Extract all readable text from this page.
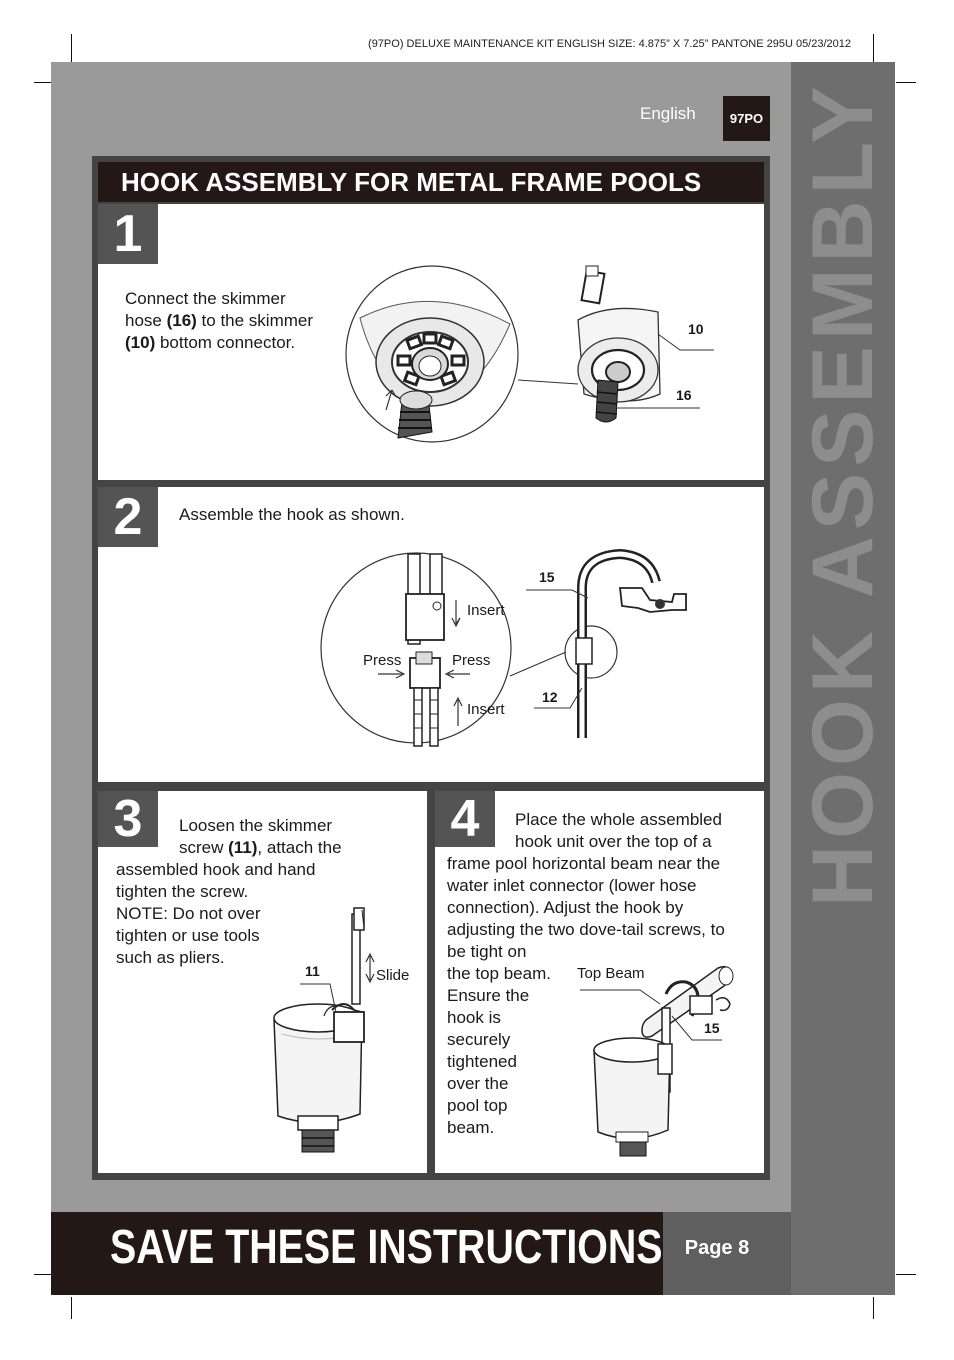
(97PO) DELUXE MAINTENANCE KIT ENGLISH SIZE: 4.875” X 7.25” PANTONE 295U 05/23/2012
HOOK ASSEMBLY
English	97PO
HOOK ASSEMBLY FOR METAL FRAME POOLS
1
Connect the skimmer hose (16) to the skimmer (10) bottom connector.
10
16
2	Assemble the hook as shown.
15
12
Insert
Press	Press
Insert
3	Loosen the skimmer
screw (11), attach the
assembled hook and hand
tighten the screw.
NOTE: Do not over
tighten or use tools
such as pliers.
11	Slide
4	Place the whole assembled
hook unit over the top of a
frame pool horizontal beam near the
water inlet connector (lower hose
connection). Adjust the hook by
adjusting the two dove-tail screws, to
be tight on
the top beam.
Ensure the
hook is
securely
tightened
over the
pool top
beam.
Top Beam
15
SAVE THESE INSTRUCTIONS	Page 8
